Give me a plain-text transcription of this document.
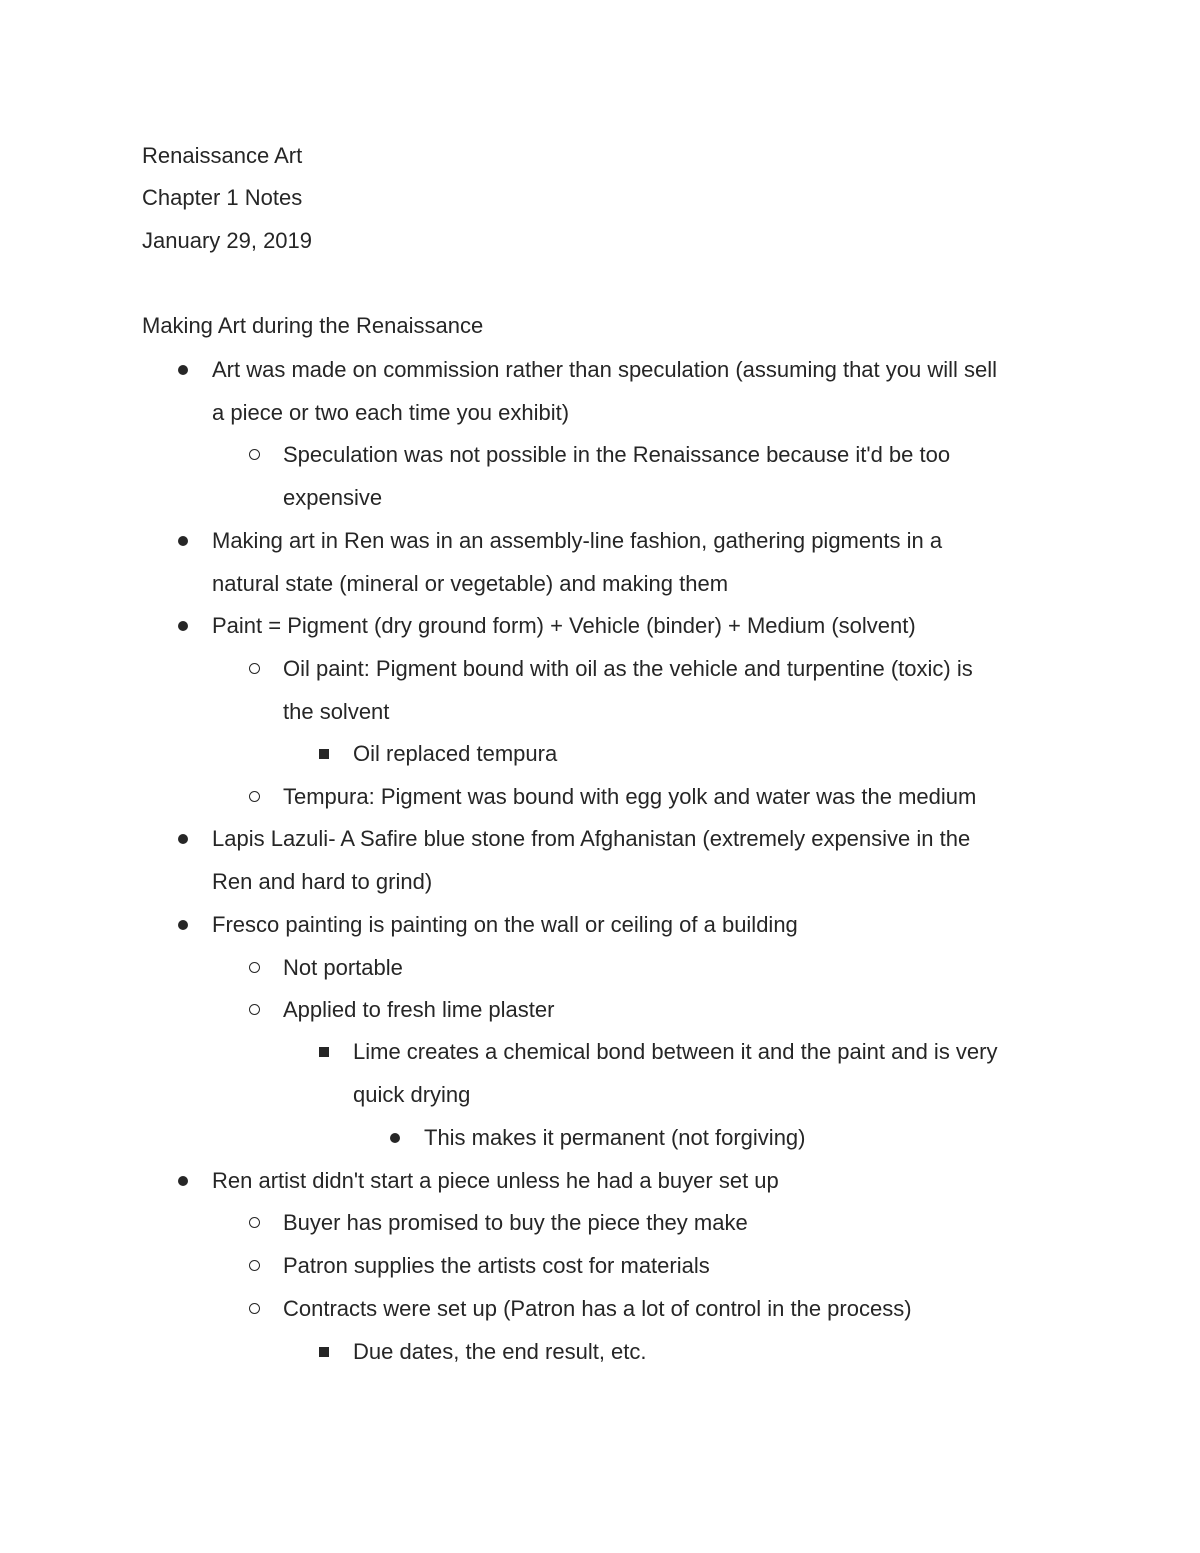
Renaissance Art
Chapter 1 Notes
January 29, 2019
Making Art during the Renaissance
Art was made on commission rather than speculation (assuming that you will sell
a piece or two each time you exhibit)
Speculation was not possible in the Renaissance because it'd be too
expensive
Making art in Ren was in an assembly-line fashion, gathering pigments in a
natural state (mineral or vegetable) and making them
Paint = Pigment (dry ground form) + Vehicle (binder) + Medium (solvent)
Oil paint: Pigment bound with oil as the vehicle and turpentine (toxic) is
the solvent
Oil replaced tempura
Tempura: Pigment was bound with egg yolk and water was the medium
Lapis Lazuli- A Safire blue stone from Afghanistan (extremely expensive in the
Ren and hard to grind)
Fresco painting is painting on the wall or ceiling of a building
Not portable
Applied to fresh lime plaster
Lime creates a chemical bond between it and the paint and is very
quick drying
This makes it permanent (not forgiving)
Ren artist didn't start a piece unless he had a buyer set up
Buyer has promised to buy the piece they make
Patron supplies the artists cost for materials
Contracts were set up (Patron has a lot of control in the process)
Due dates, the end result, etc.
